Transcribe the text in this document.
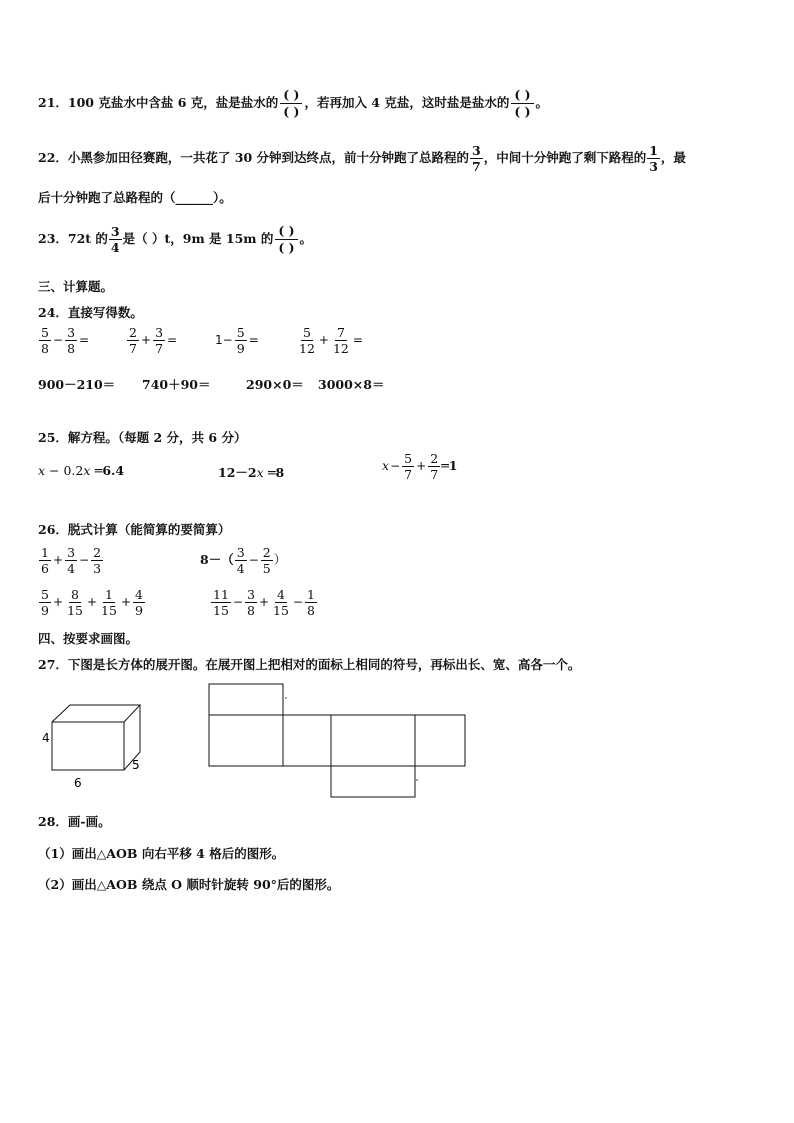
21．100 克盐水中含盐 6 克，盐是盐水的 $\frac{( )}{( )}$ ，若再加入 4 克盐，这时盐是盐水的 $\frac{( )}{( )}$ 。
22．小黑参加田径赛跑，一共花了 30 分钟到达终点，前十分钟跑了总路程的 $\frac{3}{7}$ ，中间十分钟跑了剩下路程的 $\frac{1}{3}$ ，最
后十分钟跑了总路程的（______）。
23．72t 的 $\frac{3}{4}$ 是（ ）t，9m 是 15m 的 $\frac{( )}{( )}$ 。
三、计算题。
24．直接写得数。
$\frac{5}{8} - \frac{3}{8}$ =	$\frac{2}{7} + \frac{3}{7}$ =	$1- \frac{5}{9}$ =	$\frac{5}{12} + \frac{7}{12}$ =
900－210＝ 740＋90＝	290×0＝ 3000×8＝
25．解方程。（每题 2 分，共 6 分）
x − 0.2x ═6.4	12－2x ═8	$x- \frac{5}{7} + \frac{2}{7}$ ═1
26．脱式计算（能简算的要简算）
$\frac{1}{6} + \frac{3}{4} - \frac{2}{3}$	$8-( \frac{3}{4} - \frac{2}{5}$ ）
$\frac{5}{9} + \frac{8}{15} + \frac{1}{15} + \frac{4}{9}$	$\frac{11}{15} - \frac{3}{8} + \frac{4}{15} - \frac{1}{8}$
四、按要求画图。
27．下图是长方体的展开图。在展开图上把相对的面标上相同的符号，再标出长、宽、高各一个。
4
6
5
28．画-画。
（1）画出△AOB 向右平移 4 格后的图形。
（2）画出△AOB 绕点 O 顺时针旋转 90°后的图形。
